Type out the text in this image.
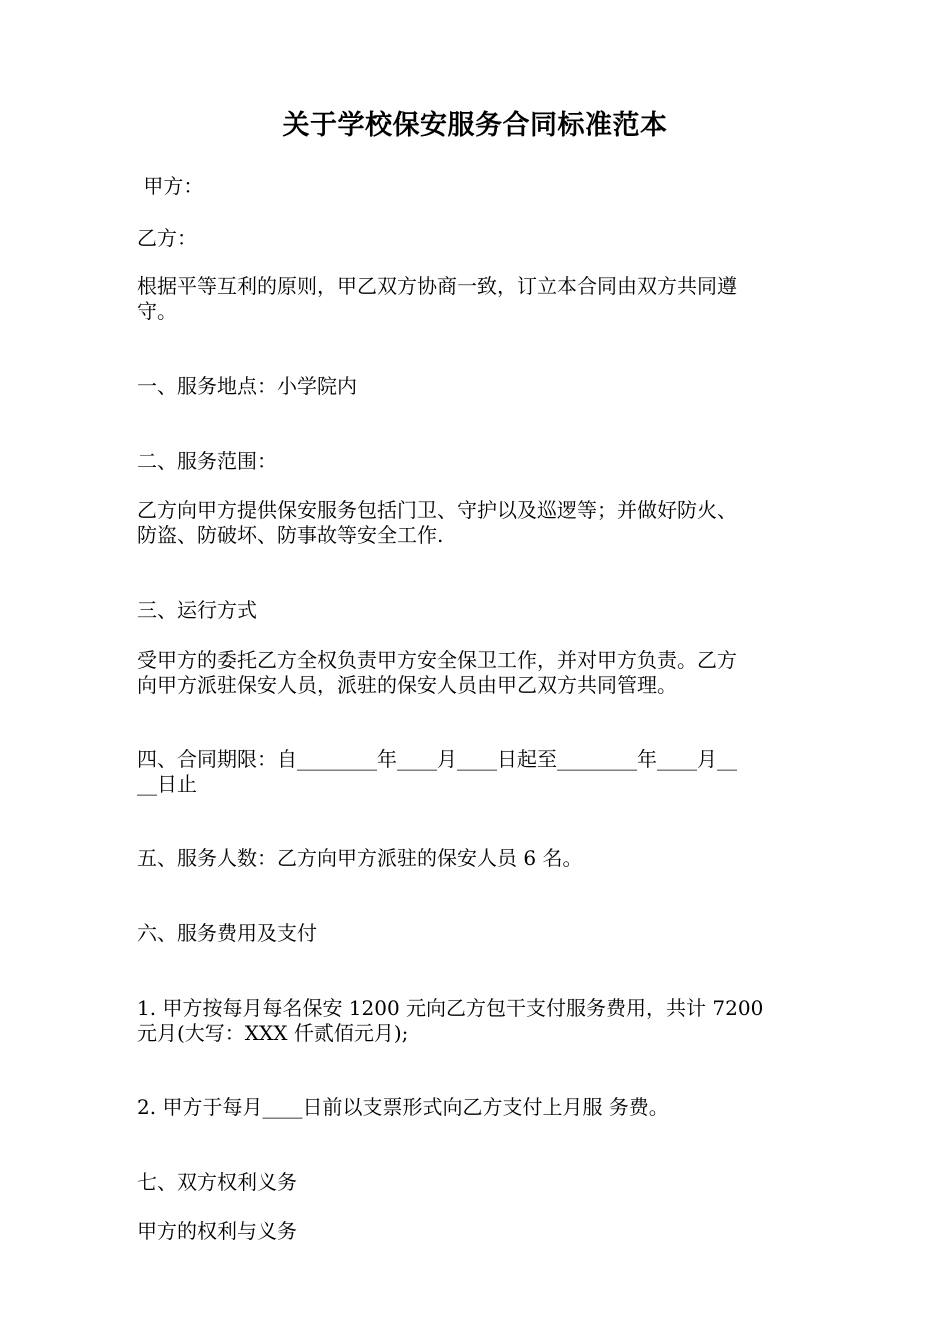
关于学校保安服务合同标准范本
甲方：
乙方：
根据平等互利的原则，甲乙双方协商一致，订立本合同由双方共同遵
守。
一、服务地点：小学院内
二、服务范围：
乙方向甲方提供保安服务包括门卫、守护以及巡逻等；并做好防火、
防盗、防破坏、防事故等安全工作.
三、运行方式
受甲方的委托乙方全权负责甲方安全保卫工作，并对甲方负责。乙方
向甲方派驻保安人员，派驻的保安人员由甲乙双方共同管理。
四、合同期限：自________年____月____日起至________年____月__
__日止
五、服务人数：乙方向甲方派驻的保安人员 6 名。
六、服务费用及支付
1. 甲方按每月每名保安 1200 元向乙方包干支付服务费用，共计 7200
元月(大写：XXX 仟贰佰元月);
2. 甲方于每月____日前以支票形式向乙方支付上月服 务费。
七、双方权利义务
甲方的权利与义务
